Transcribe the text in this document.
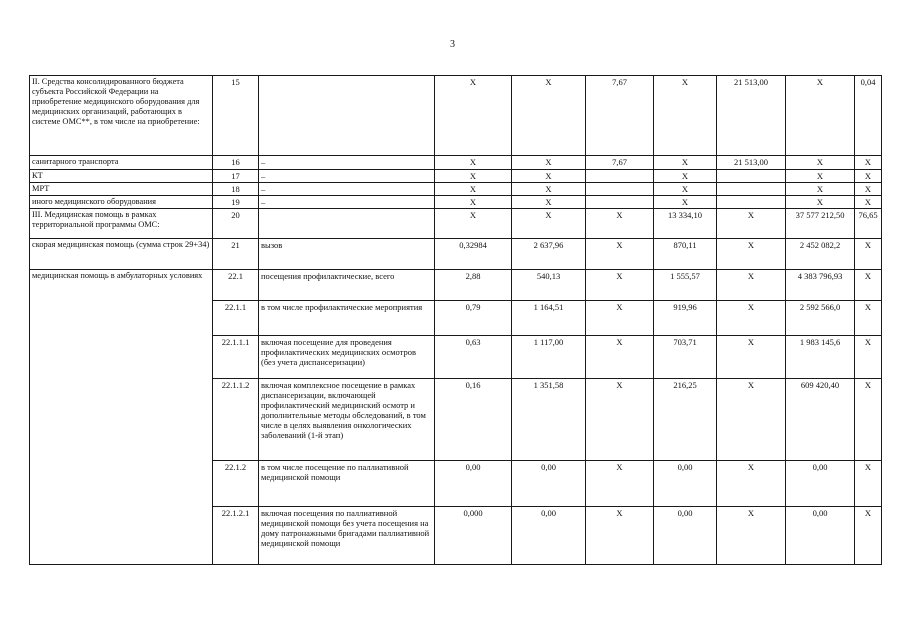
3
II. Средства консолидированного бюджета субъекта Российской Федерации на приобретение медицинского оборудования для медицинских организаций, работающих в системе ОМС**, в том числе на приобретение:	15		X	X	7,67	X	21 513,00	X	0,04
санитарного транспорта	16	–	X	X	7,67	X	21 513,00	X	X
КТ	17	–	X	X		X		X	X
МРТ	18	–	X	X		X		X	X
иного медицинского оборудования	19	–	X	X		X		X	X
III. Медицинская помощь в рамках территориальной программы ОМС:	20		X	X	X	13 334,10	X	37 577 212,50	76,65
скорая медицинская помощь (сумма строк 29+34)	21	вызов	0,32984	2 637,96	X	870,11	X	2 452 082,2	X
медицинская помощь в амбулаторных условиях	22.1	посещения профилактические, всего	2,88	540,13	X	1 555,57	X	4 383 796,93	X
	22.1.1	в том числе профилактические мероприятия	0,79	1 164,51	X	919,96	X	2 592 566,0	X
	22.1.1.1	включая посещение для проведения профилактических медицинских осмотров (без учета диспансеризации)	0,63	1 117,00	X	703,71	X	1 983 145,6	X
	22.1.1.2	включая комплексное посещение в рамках диспансеризации, включающей профилактический медицинский осмотр и дополнительные методы обследований, в том числе в целях выявления онкологических заболеваний (1-й этап)	0,16	1 351,58	X	216,25	X	609 420,40	X
	22.1.2	в том числе посещение по паллиативной медицинской помощи	0,00	0,00	X	0,00	X	0,00	X
	22.1.2.1	включая посещения по паллиативной медицинской помощи без учета посещения на дому патронажными бригадами паллиативной медицинской помощи	0,000	0,00	X	0,00	X	0,00	X
